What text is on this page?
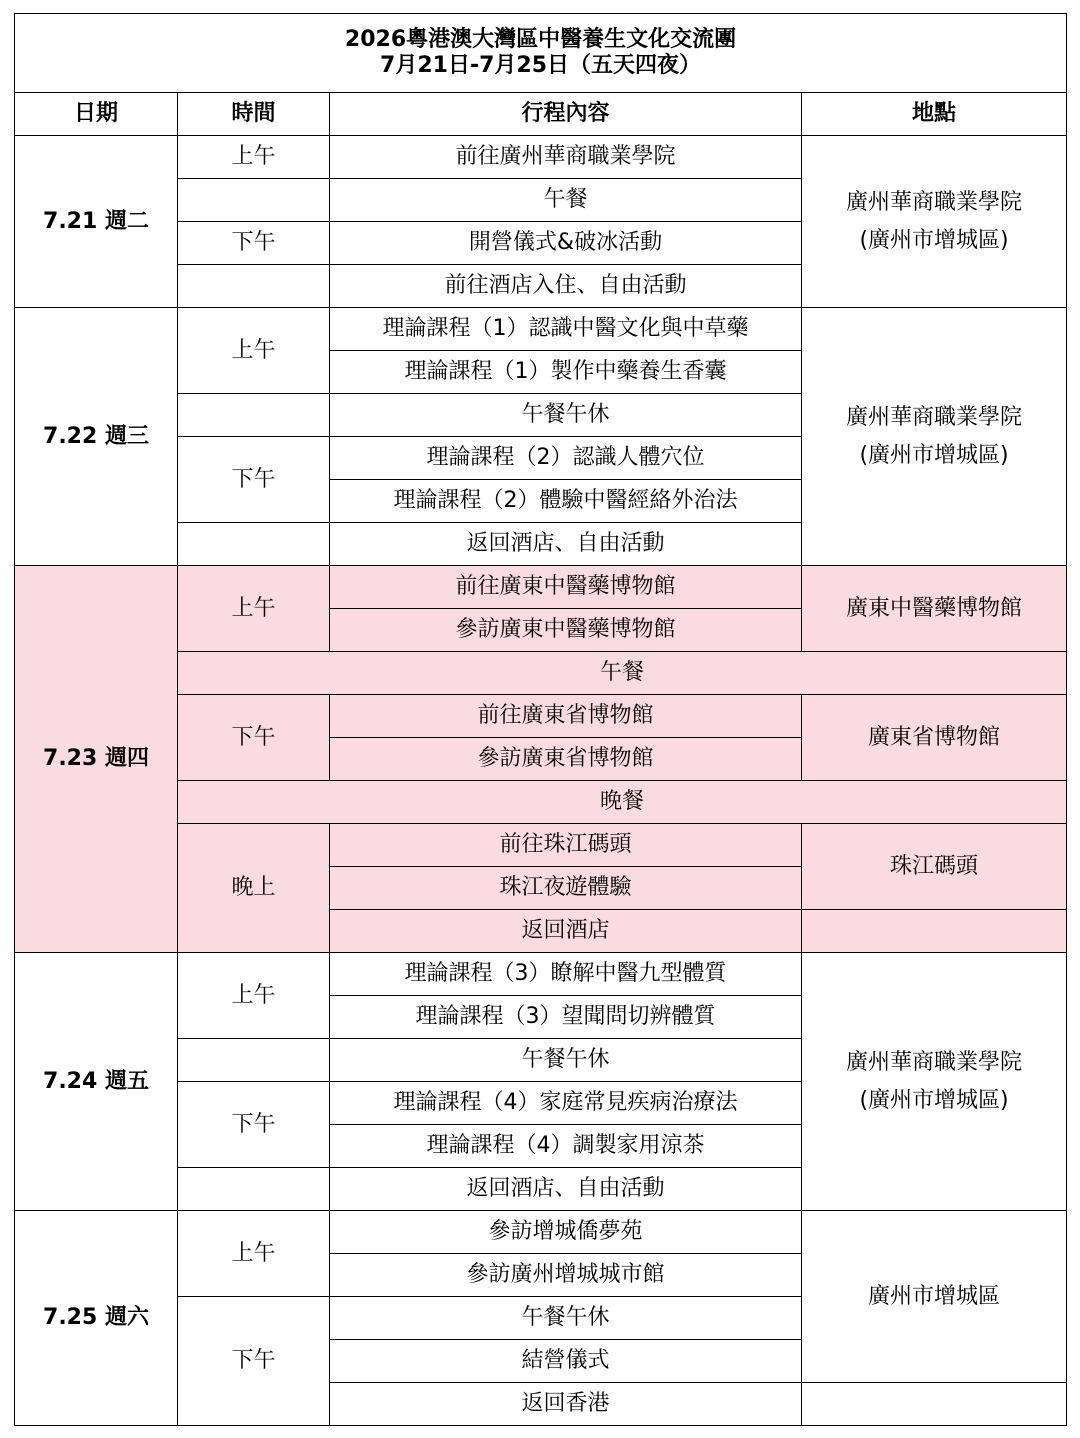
2026粵港澳大灣區中醫養生文化交流團
7月21日-7月25日（五天四夜）			

日期	時間	行程內容	地點
7.21 週二	上午	前往廣州華商職業學院	廣州華商職業學院
(廣州市增城區)

		午餐	
	下午	開營儀式&破冰活動	
		前往酒店入住、自由活動	
7.22 週三	上午	理論課程（1）認識中醫文化與中草藥	廣州華商職業學院
(廣州市增城區)

		理論課程（1）製作中藥養生香囊	
		午餐午休	
	下午	理論課程（2）認識人體穴位	
		理論課程（2）體驗中醫經絡外治法	
		返回酒店、自由活動	
7.23 週四	上午	前往廣東中醫藥博物館	廣東中醫藥博物館
		參訪廣東中醫藥博物館	
	午餐		
	下午	前往廣東省博物館	廣東省博物館
		參訪廣東省博物館	
	晚餐		
	晚上	前往珠江碼頭	珠江碼頭
		珠江夜遊體驗	
		返回酒店	
7.24 週五	上午	理論課程（3）瞭解中醫九型體質	廣州華商職業學院
(廣州市增城區)

		理論課程（3）望聞問切辨體質	
		午餐午休	
	下午	理論課程（4）家庭常見疾病治療法	
		理論課程（4）調製家用涼茶	
		返回酒店、自由活動	
7.25 週六	上午	參訪增城僑夢苑	廣州市增城區

		參訪廣州增城城市館	
	下午	午餐午休	
		結營儀式	
		返回香港	
